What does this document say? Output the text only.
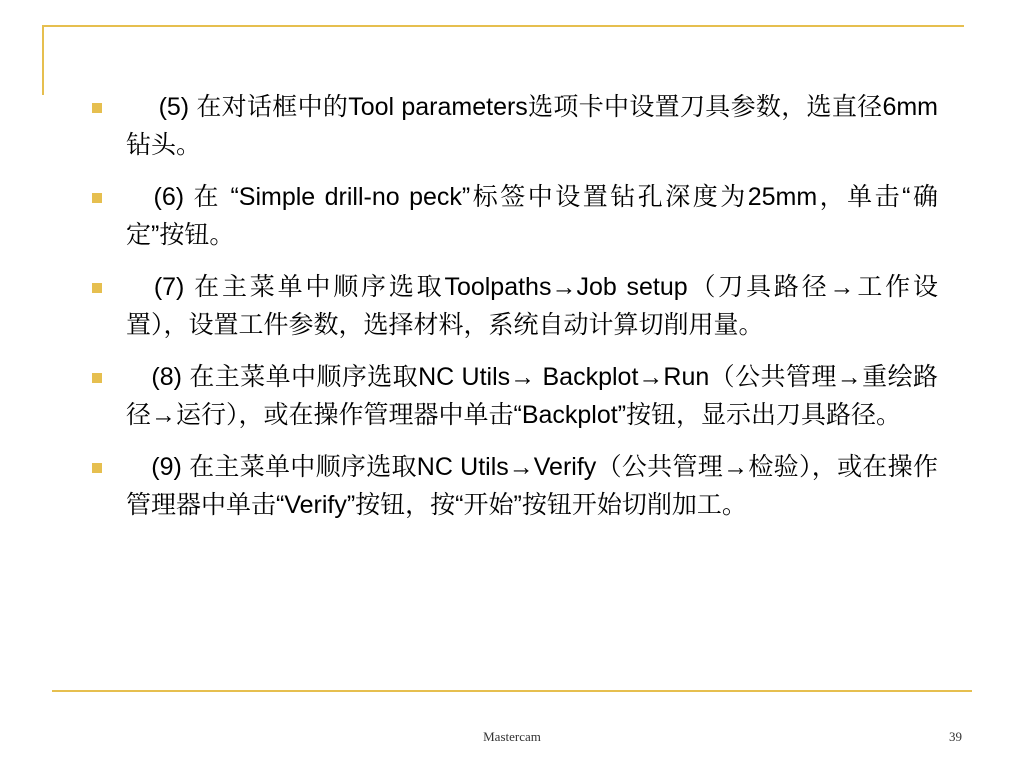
　 (5) 在对话框中的Tool parameters选项卡中设置刀具参数，选直径6mm钻头。
　(6) 在 “Simple drill-no peck”标签中设置钻孔深度为25mm，单击“确定”按钮。
　(7) 在主菜单中顺序选取Toolpaths→Job setup（刀具路径→工作设置），设置工件参数，选择材料，系统自动计算切削用量。
　(8) 在主菜单中顺序选取NC Utils→ Backplot→Run（公共管理→重绘路径→运行），或在操作管理器中单击“Backplot”按钮，显示出刀具路径。
　(9) 在主菜单中顺序选取NC Utils→Verify（公共管理→检验），或在操作管理器中单击“Verify”按钮，按“开始”按钮开始切削加工。
Mastercam	39
